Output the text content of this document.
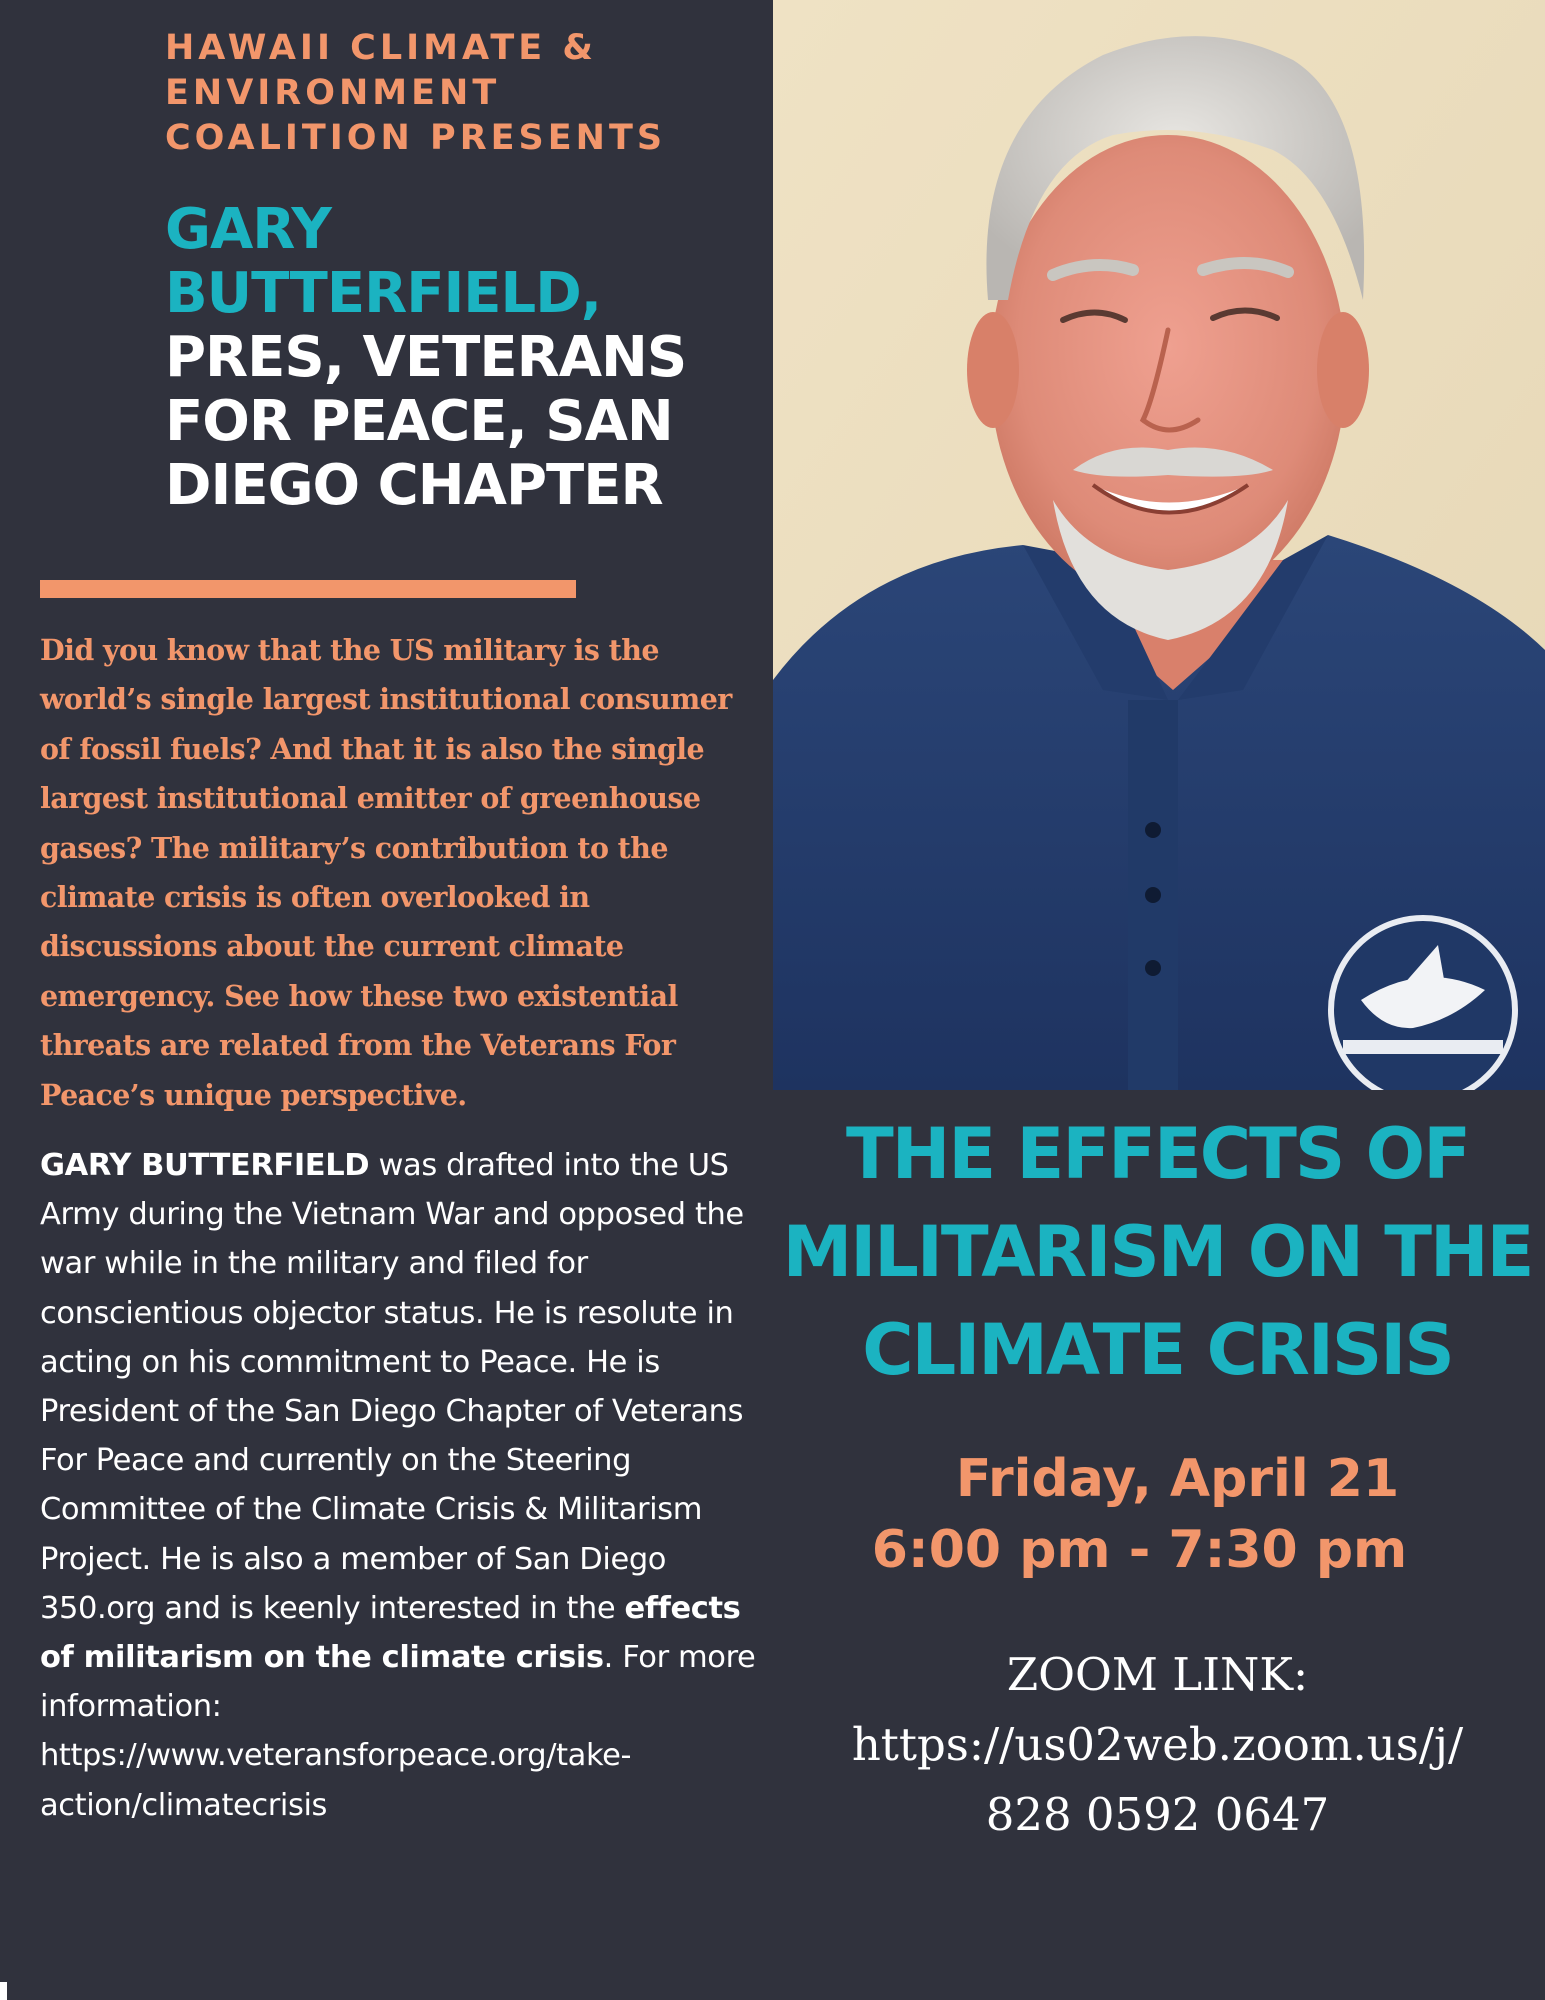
HAWAII CLIMATE & ENVIRONMENT COALITION PRESENTS

GARY BUTTERFIELD,
PRES, VETERANS FOR PEACE, SAN DIEGO CHAPTER

Did you know that the US military is the world’s single largest institutional consumer of fossil fuels? And that it is also the single largest institutional emitter of greenhouse gases? The military’s contribution to the climate crisis is often overlooked in discussions about the current climate emergency. See how these two existential threats are related from the Veterans For Peace’s unique perspective.

GARY BUTTERFIELD was drafted into the US Army during the Vietnam War and opposed the war while in the military and filed for conscientious objector status. He is resolute in acting on his commitment to Peace. He is President of the San Diego Chapter of Veterans For Peace and currently on the Steering Committee of the Climate Crisis & Militarism Project. He is also a member of San Diego 350.org and is keenly interested in the effects of militarism on the climate crisis. For more information: https://www.veteransforpeace.org/take-action/climatecrisis

THE EFFECTS OF MILITARISM ON THE CLIMATE CRISIS

Friday, April 21

6:00 pm - 7:30 pm

ZOOM LINK:
https://us02web.zoom.us/j/
828 0592 0647
